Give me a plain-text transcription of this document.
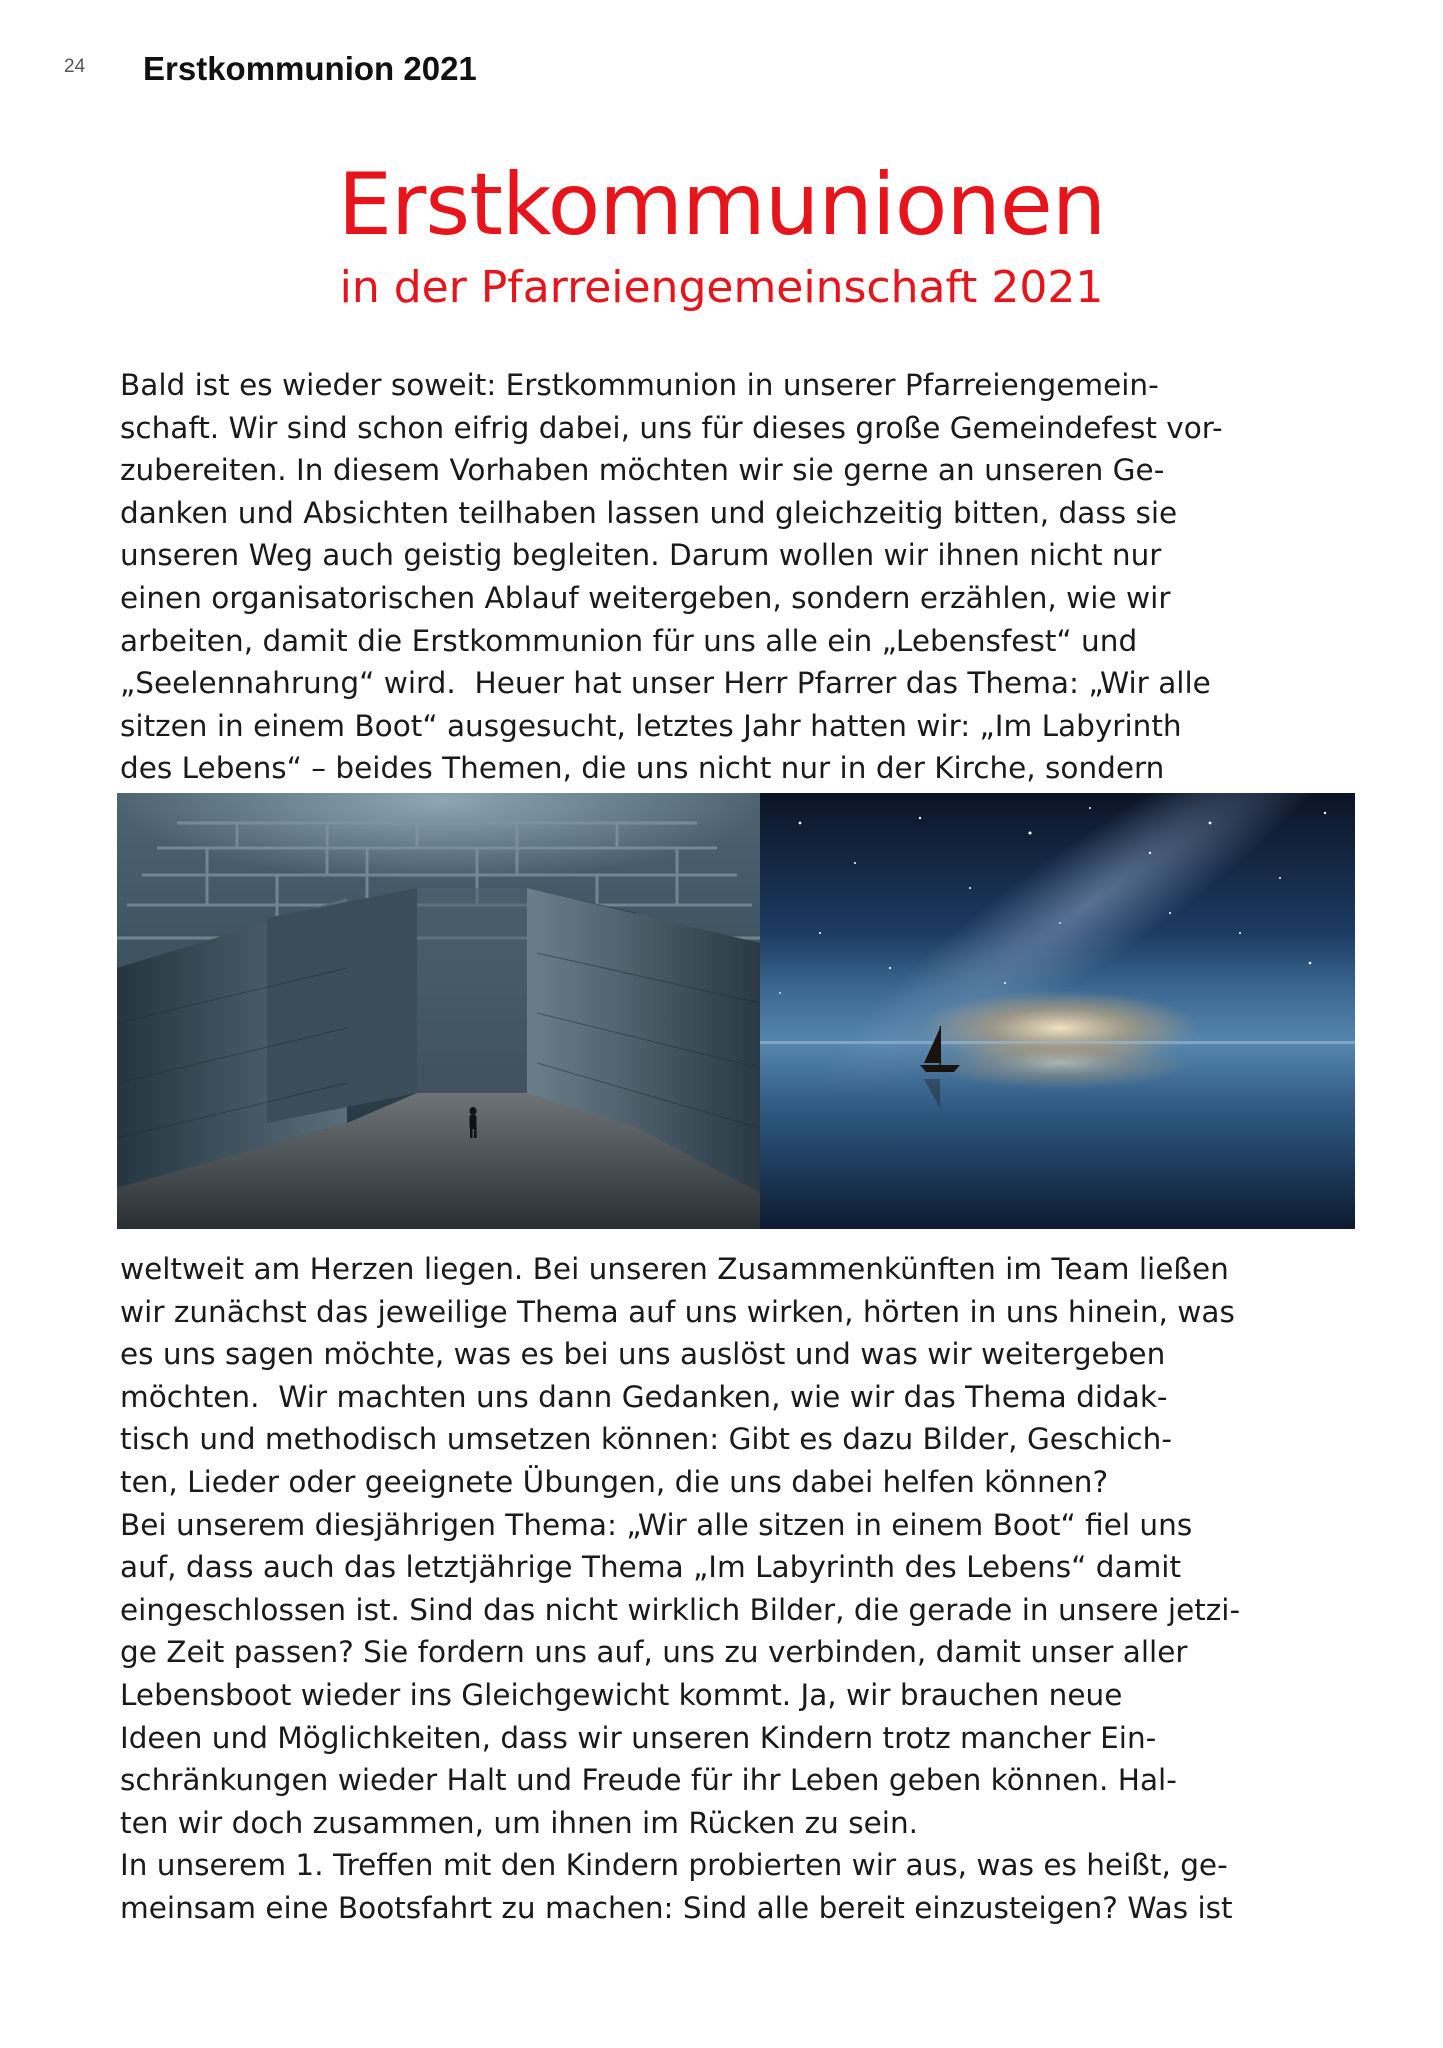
24 Erstkommunion 2021
Erstkommunionen
in der Pfarreiengemeinschaft 2021
Bald ist es wieder soweit: Erstkommunion in unserer Pfarreiengemein-
schaft. Wir sind schon eifrig dabei, uns für dieses große Gemeindefest vor-
zubereiten. In diesem Vorhaben möchten wir sie gerne an unseren Ge-
danken und Absichten teilhaben lassen und gleichzeitig bitten, dass sie
unseren Weg auch geistig begleiten. Darum wollen wir ihnen nicht nur
einen organisatorischen Ablauf weitergeben, sondern erzählen, wie wir
arbeiten, damit die Erstkommunion für uns alle ein „Lebensfest“ und
„Seelennahrung“ wird.  Heuer hat unser Herr Pfarrer das Thema: „Wir alle
sitzen in einem Boot“ ausgesucht, letztes Jahr hatten wir: „Im Labyrinth
des Lebens“ – beides Themen, die uns nicht nur in der Kirche, sondern
weltweit am Herzen liegen. Bei unseren Zusammenkünften im Team ließen
wir zunächst das jeweilige Thema auf uns wirken, hörten in uns hinein, was
es uns sagen möchte, was es bei uns auslöst und was wir weitergeben
möchten.  Wir machten uns dann Gedanken, wie wir das Thema didak-
tisch und methodisch umsetzen können: Gibt es dazu Bilder, Geschich-
ten, Lieder oder geeignete Übungen, die uns dabei helfen können?
Bei unserem diesjährigen Thema: „Wir alle sitzen in einem Boot“ fiel uns
auf, dass auch das letztjährige Thema „Im Labyrinth des Lebens“ damit
eingeschlossen ist. Sind das nicht wirklich Bilder, die gerade in unsere jetzi-
ge Zeit passen? Sie fordern uns auf, uns zu verbinden, damit unser aller
Lebensboot wieder ins Gleichgewicht kommt. Ja, wir brauchen neue
Ideen und Möglichkeiten, dass wir unseren Kindern trotz mancher Ein-
schränkungen wieder Halt und Freude für ihr Leben geben können. Hal-
ten wir doch zusammen, um ihnen im Rücken zu sein.
In unserem 1. Treffen mit den Kindern probierten wir aus, was es heißt, ge-
meinsam eine Bootsfahrt zu machen: Sind alle bereit einzusteigen? Was ist
